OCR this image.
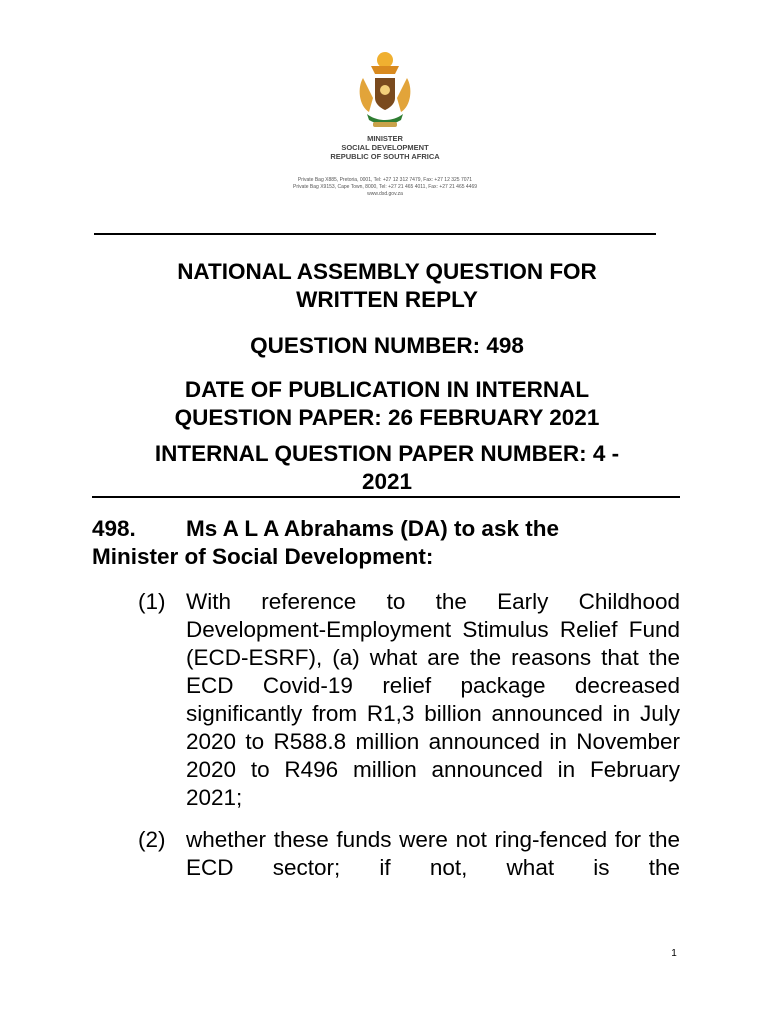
MINISTER
SOCIAL DEVELOPMENT
REPUBLIC OF SOUTH AFRICA
Private Bag X885, Pretoria, 0001, Tel: +27 12 312 7479, Fax: +27 12 325 7071
Private Bag X9153, Cape Town, 8000, Tel: +27 21 465 4011, Fax: +27 21 465 4469
www.dsd.gov.za
NATIONAL ASSEMBLY QUESTION FOR
WRITTEN REPLY
QUESTION NUMBER: 498
DATE OF PUBLICATION IN INTERNAL
QUESTION PAPER: 26 FEBRUARY 2021
INTERNAL QUESTION PAPER NUMBER: 4 -
2021

498. Ms A L A Abrahams (DA) to ask the
Minister of Social Development:

(1) With reference to the Early Childhood Development-Employment Stimulus Relief Fund (ECD-ESRF), (a) what are the reasons that the ECD Covid-19 relief package decreased significantly from R1,3 billion announced in July 2020 to R588.8 million announced in November 2020 to R496 million announced in February 2021;

(2) whether these funds were not ring-fenced for the ECD sector; if not, what is the

1
